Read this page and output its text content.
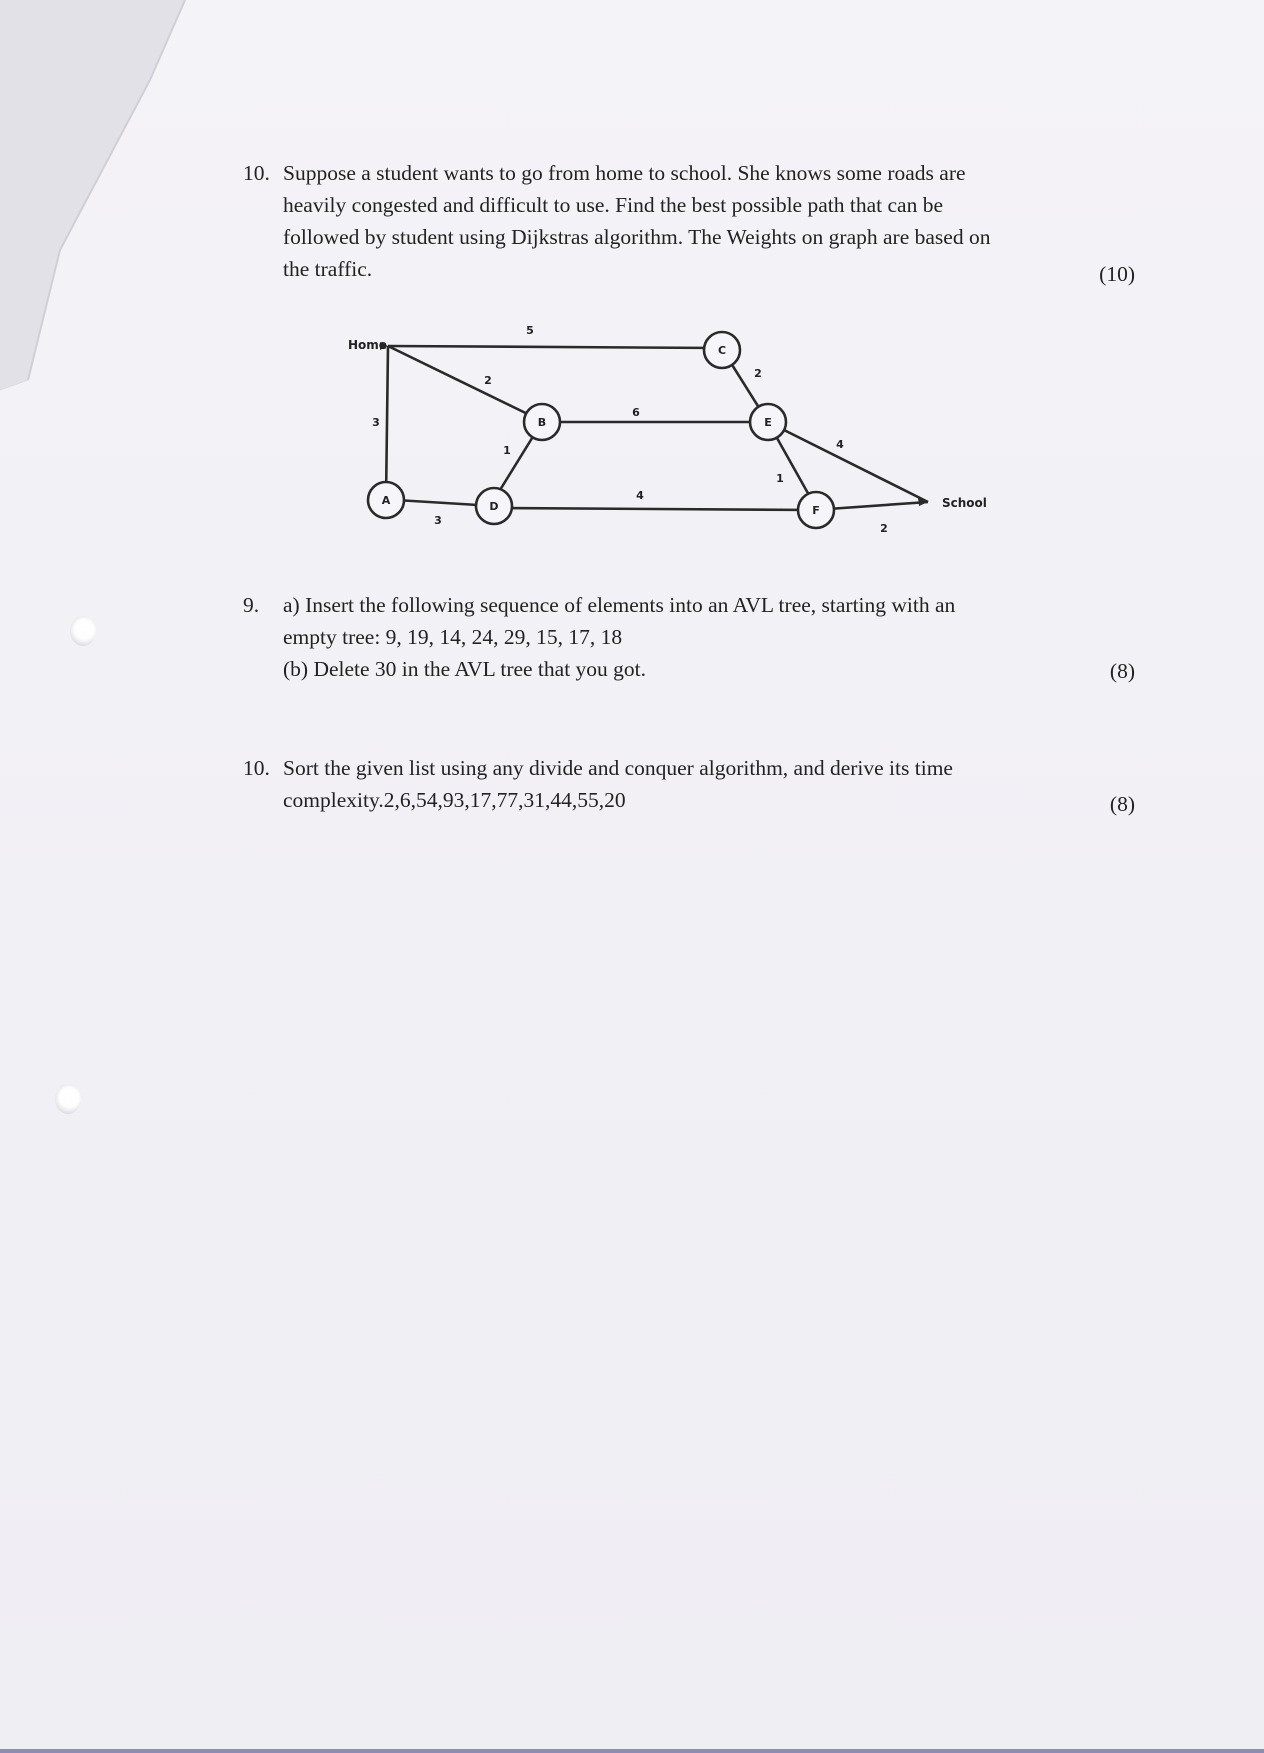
10. Suppose a student wants to go from home to school. She knows some roads are

heavily congested and difficult to use. Find the best possible path that can be

followed by student using Dijkstras algorithm. The Weights on graph are based on

the traffic.	(10)
A	D
B
C
E
F
Home
School
5
2
3
3
1
6
2
4
1
4
2
9. a) Insert the following sequence of elements into an AVL tree, starting with an

empty tree: 9, 19, 14, 24, 29, 15, 17, 18

(b) Delete 30 in the AVL tree that you got.	(8)
10. Sort the given list using any divide and conquer algorithm, and derive its time

complexity.2,6,54,93,17,77,31,44,55,20	(8)
